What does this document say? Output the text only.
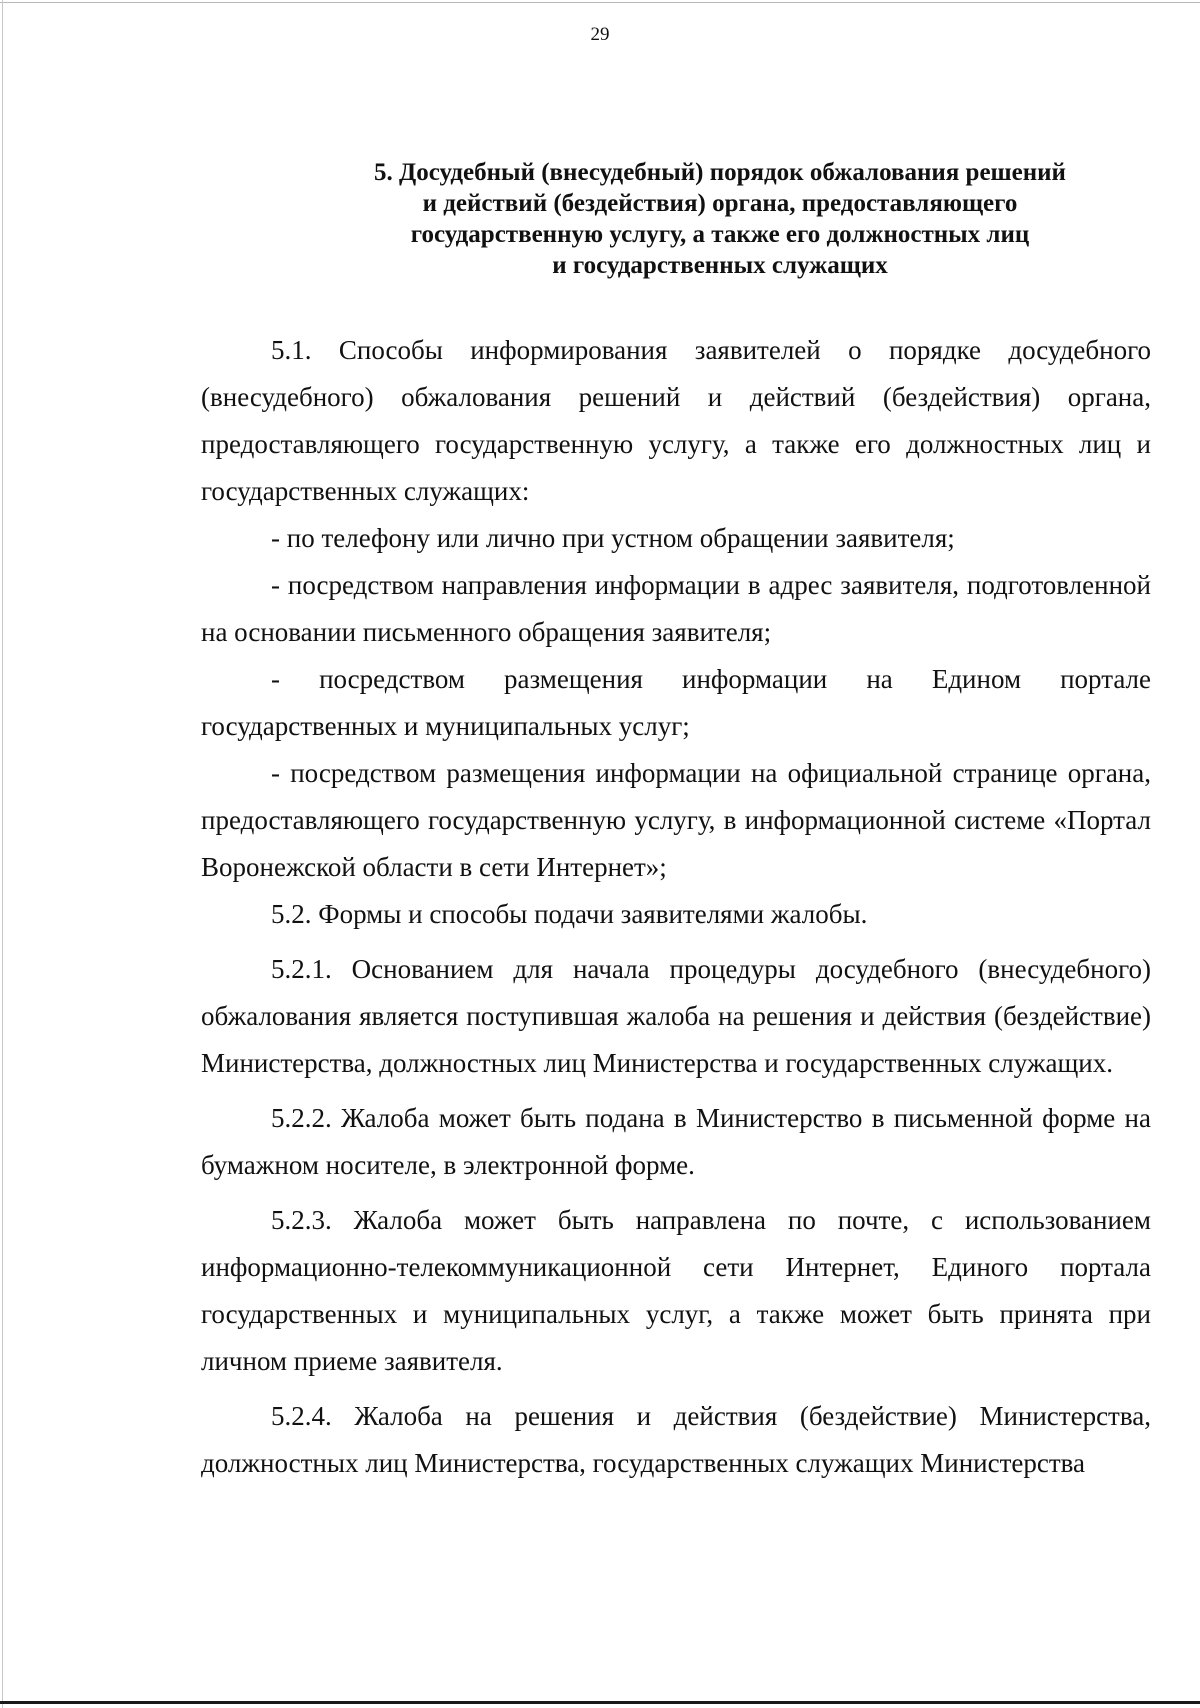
29
5. Досудебный (внесудебный) порядок обжалования решений
и действий (бездействия) органа, предоставляющего
государственную услугу, а также его должностных лиц
и государственных служащих

5.1. Способы информирования заявителей о порядке досудебного (внесудебного) обжалования решений и действий (бездействия) органа, предоставляющего государственную услугу, а также его должностных лиц и государственных служащих:

- по телефону или лично при устном обращении заявителя;

- посредством направления информации в адрес заявителя, подготовленной на основании письменного обращения заявителя;

- посредством размещения информации на Едином портале государственных и муниципальных услуг;

- посредством размещения информации на официальной странице органа, предоставляющего государственную услугу, в информационной системе «Портал Воронежской области в сети Интернет»;

5.2. Формы и способы подачи заявителями жалобы.

5.2.1. Основанием для начала процедуры досудебного (внесудебного) обжалования является поступившая жалоба на решения и действия (бездействие) Министерства, должностных лиц Министерства и государственных служащих.

5.2.2. Жалоба может быть подана в Министерство в письменной форме на бумажном носителе, в электронной форме.

5.2.3. Жалоба может быть направлена по почте, с использованием информационно-телекоммуникационной сети Интернет, Единого портала государственных и муниципальных услуг, а также может быть принята при личном приеме заявителя.

5.2.4. Жалоба на решения и действия (бездействие) Министерства, должностных лиц Министерства, государственных служащих Министерства
